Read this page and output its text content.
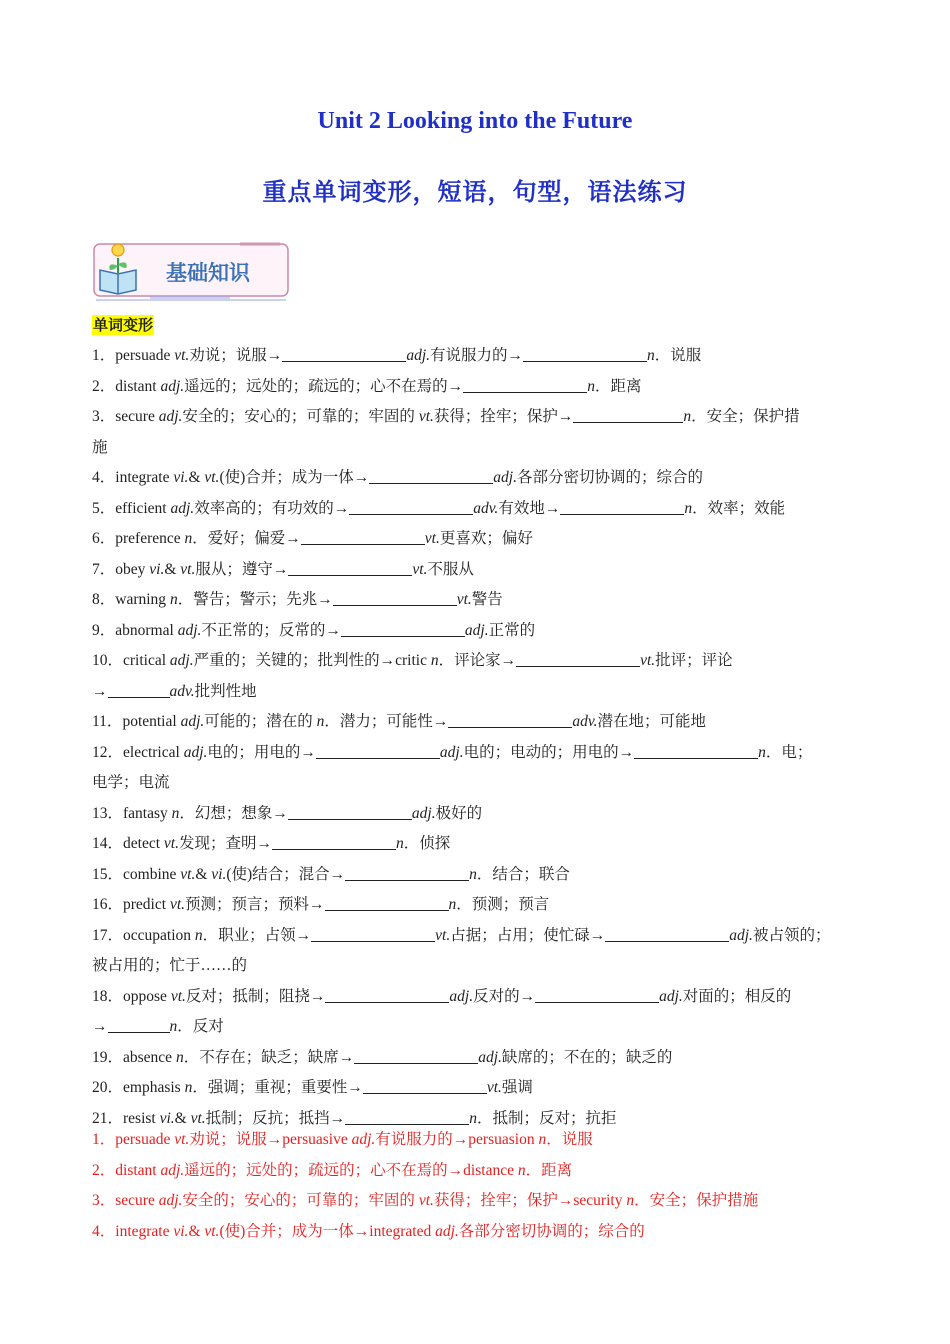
Unit 2 Looking into the Future
重点单词变形，短语，句型，语法练习
基础知识
单词变形
1．persuade vt.劝说；说服→	adj.有说服力的→	n．说服
2．distant adj.遥远的；远处的；疏远的；心不在焉的→	n．距离
3．secure adj.安全的；安心的；可靠的；牢固的 vt.获得；拴牢；保护→	n．安全；保护措
施
4．integrate vi.& vt.(使)合并；成为一体→	adj.各部分密切协调的；综合的
5．efficient adj.效率高的；有功效的→	adv.有效地→	n．效率；效能
6．preference n．爱好；偏爱→	vt.更喜欢；偏好
7．obey vi.& vt.服从；遵守→	vt.不服从
8．warning n．警告；警示；先兆→	vt.警告
9．abnormal adj.不正常的；反常的→	adj.正常的
10．critical adj.严重的；关键的；批判性的→critic n．评论家→	vt.批评；评论
→	adv.批判性地
11．potential adj.可能的；潜在的 n．潜力；可能性→	adv.潜在地；可能地
12．electrical adj.电的；用电的→	adj.电的；电动的；用电的→	n．电；
电学；电流
13．fantasy n．幻想；想象→	adj.极好的
14．detect vt.发现；查明→	n．侦探
15．combine vt.& vi.(使)结合；混合→	n．结合；联合
16．predict vt.预测；预言；预料→	n．预测；预言
17．occupation n．职业；占领→	vt.占据；占用；使忙碌→	adj.被占领的；
被占用的；忙于……的
18．oppose vt.反对；抵制；阻挠→	adj.反对的→	adj.对面的；相反的
→	n．反对
19．absence n．不存在；缺乏；缺席→	adj.缺席的；不在的；缺乏的
20．emphasis n．强调；重视；重要性→	vt.强调
21．resist vi.& vt.抵制；反抗；抵挡→	n．抵制；反对；抗拒
1．persuade vt.劝说；说服→persuasive adj.有说服力的→persuasion n．说服
2．distant adj.遥远的；远处的；疏远的；心不在焉的→distance n．距离
3．secure adj.安全的；安心的；可靠的；牢固的 vt.获得；拴牢；保护→security n．安全；保护措施
4．integrate vi.& vt.(使)合并；成为一体→integrated adj.各部分密切协调的；综合的
